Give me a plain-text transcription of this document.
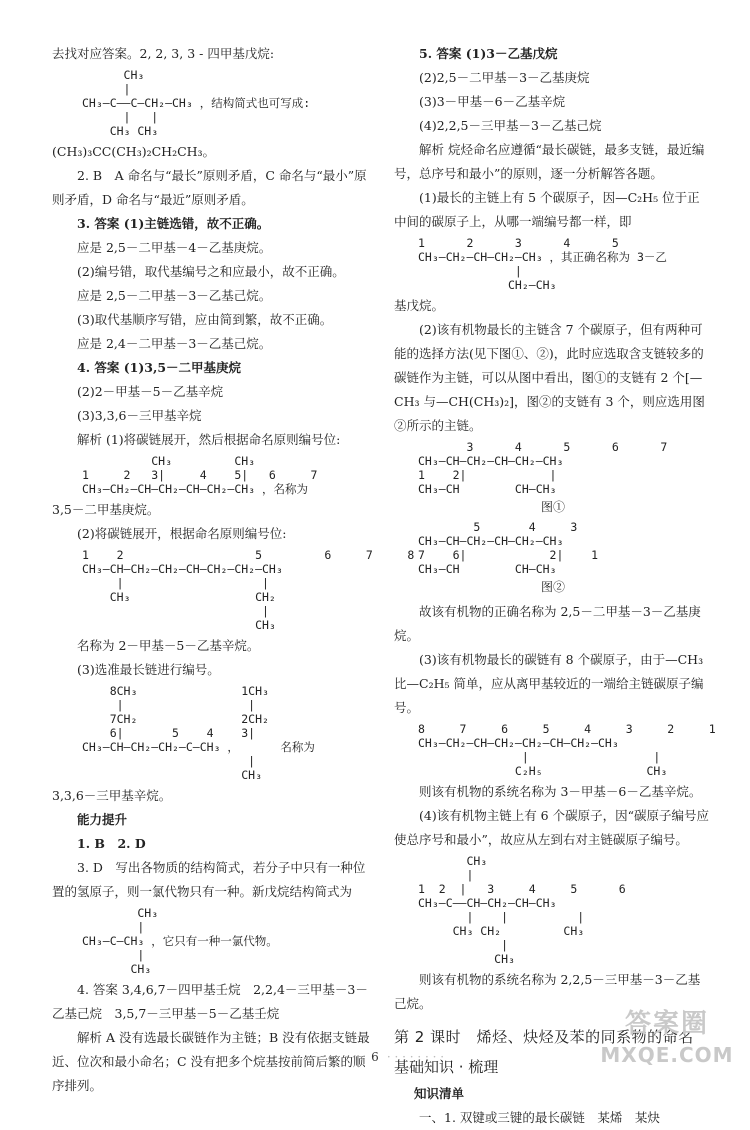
去找对应答案。2, 2, 3, 3 - 四甲基戊烷:

CH₃
|
CH₃—C——C—CH₂—CH₃ ，结构简式也可写成:
|   |
CH₃ CH₃

(CH₃)₃CC(CH₃)₂CH₂CH₃。

2. B　A 命名与“最长”原则矛盾，C 命名与“最小”原则矛盾，D 命名与“最近”原则矛盾。

3. 答案 (1)主链选错，故不正确。

应是 2,5－二甲基－4－乙基庚烷。

(2)编号错，取代基编号之和应最小，故不正确。

应是 2,5－二甲基－3－乙基己烷。

(3)取代基顺序写错，应由简到繁，故不正确。

应是 2,4－二甲基－3－乙基己烷。

4. 答案 (1)3,5－二甲基庚烷

(2)2－甲基－5－乙基辛烷

(3)3,3,6－三甲基辛烷

解析 (1)将碳链展开，然后根据命名原则编号位:

CH₃         CH₃
1     2   3|     4    5|   6     7
CH₃—CH₂—CH—CH₂—CH—CH₂—CH₃ ，名称为

3,5－二甲基庚烷。

(2)将碳链展开，根据命名原则编号位:

1    2                   5         6     7     8
CH₃—CH—CH₂—CH₂—CH—CH₂—CH₂—CH₃
|                    |
CH₃                  CH₂
|
CH₃

名称为 2－甲基－5－乙基辛烷。

(3)选准最长链进行编号。

8CH₃               1CH₃
|                  |
7CH₂               2CH₂
6|       5    4    3|
CH₃—CH—CH₂—CH₂—C—CH₃ ，      名称为
|
CH₃

3,3,6－三甲基辛烷。

能力提升

1. B　2. D

3. D　写出各物质的结构简式，若分子中只有一种位置的氢原子，则一氯代物只有一种。新戊烷结构简式为

CH₃
|
CH₃—C—CH₃ ，它只有一种一氯代物。
|
CH₃

4. 答案 3,4,6,7－四甲基壬烷　2,2,4－三甲基－3－乙基己烷　3,5,7－三甲基－5－乙基壬烷

解析 A 没有选最长碳链作为主链；B 没有依据支链最近、位次和最小命名；C 没有把多个烷基按前简后繁的顺序排列。

5. 答案 (1)3－乙基戊烷

(2)2,5－二甲基－3－乙基庚烷

(3)3－甲基－6－乙基辛烷

(4)2,2,5－三甲基－3－乙基己烷

解析 烷烃命名应遵循“最长碳链，最多支链，最近编号，总序号和最小”的原则，逐一分析解答各题。

(1)最长的主链上有 5 个碳原子，因—C₂H₅ 位于正中间的碳原子上，从哪一端编号都一样，即

1      2      3      4      5
CH₃—CH₂—CH—CH₂—CH₃ ，其正确名称为 3－乙
|
CH₂—CH₃

基戊烷。

(2)该有机物最长的主链含 7 个碳原子，但有两种可能的选择方法(见下图①、②)，此时应选取含支链较多的碳链作为主链，可以从图中看出，图①的支链有 2 个[—CH₃ 与—CH(CH₃)₂]，图②的支链有 3 个，则应选用图②所示的主链。

3      4      5      6      7
CH₃—CH—CH₂—CH—CH₂—CH₃
1    2|            |
CH₃—CH        CH—CH₃

图①

5       4     3
CH₃—CH—CH₂—CH—CH₂—CH₃
7    6|            2|    1
CH₃—CH        CH—CH₃

图②

故该有机物的正确名称为 2,5－二甲基－3－乙基庚烷。

(3)该有机物最长的碳链有 8 个碳原子，由于—CH₃ 比—C₂H₅ 简单，应从离甲基较近的一端给主链碳原子编号。

8     7     6     5     4     3     2     1
CH₃—CH₂—CH—CH₂—CH₂—CH—CH₂—CH₃
|                  |
C₂H₅               CH₃

则该有机物的系统名称为 3－甲基－6－乙基辛烷。

(4)该有机物主链上有 6 个碳原子，因“碳原子编号应使总序号和最小”，故应从左到右对主链碳原子编号。

CH₃
|
1  2  |   3     4     5      6
CH₃—C——CH—CH₂—CH—CH₃
|    |          |
CH₃ CH₂         CH₃
|
CH₃

则该有机物的系统名称为 2,2,5－三甲基－3－乙基己烷。

第 2 课时　烯烃、炔烃及苯的同系物的命名

基础知识 · 梳理

知识清单

一、1. 双键或三键的最长碳链　某烯　某炔

· · · 6 · · ·
答案圈
MXQE.COM
